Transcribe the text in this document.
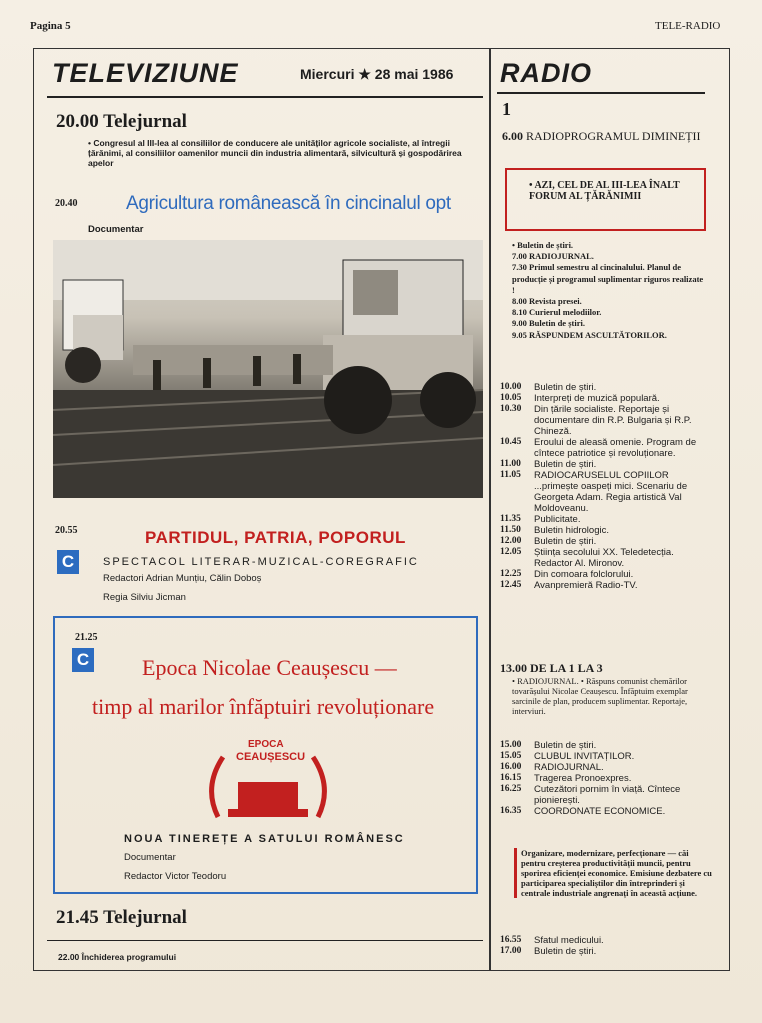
Pagina 5	TELE-RADIO
TELEVIZIUNE	Miercuri ★ 28 mai 1986
20.00 Telejurnal
• Congresul al III-lea al consiliilor de conducere ale unităților agricole socialiste, al întregii țărănimi, al consiliilor oamenilor muncii din industria alimentară, silvicultură și gospodărirea apelor
20.40	Agricultura românească în cincinalul opt
Documentar
20.55
C
PARTIDUL, PATRIA, POPORUL
SPECTACOL LITERAR-MUZICAL-COREGRAFIC
Redactori Adrian Munțiu, Călin Doboș
Regia Silviu Jicman
21.25
C Epoca Nicolae Ceaușescu —
timp al marilor înfăptuiri revoluționare
EPOCA
CEAUȘESCU
NOUA TINEREȚE A SATULUI ROMÂNESC
Documentar
Redactor Victor Teodoru
21.45 Telejurnal
22.00 Închiderea programului
RADIO
1
6.00 RADIOPROGRAMUL DIMINEȚII
• AZI, CEL DE AL III-LEA ÎNALT FORUM AL ȚĂRĂNIMII
• Buletin de știri.
7.00 RADIOJURNAL.
7.30 Primul semestru al cincinalului. Planul de producție și programul suplimentar riguros realizate !
8.00 Revista presei.
8.10 Curierul melodiilor.
9.00 Buletin de știri.
9.05 RĂSPUNDEM ASCULTĂTORILOR.
10.00	Buletin de știri.
10.05	Interpreți de muzică populară.
10.30	Din țările socialiste. Reportaje și documentare din R.P. Bulgaria și R.P. Chineză.
10.45	Eroului de aleasă omenie. Program de cîntece patriotice și revoluționare.
11.00	Buletin de știri.
11.05	RADIOCARUSELUL COPIILOR ...primește oaspeți mici. Scenariu de Georgeta Adam. Regia artistică Val Moldoveanu.
11.35	Publicitate.
11.50	Buletin hidrologic.
12.00	Buletin de știri.
12.05	Știința secolului XX. Teledetecția. Redactor Al. Mironov.
12.25	Din comoara folclorului.
12.45	Avanpremieră Radio-TV.
13.00 DE LA 1 LA 3
• RADIOJURNAL. • Răspuns comunist chemărilor tovarășului Nicolae Ceaușescu. Înfăptuim exemplar sarcinile de plan, producem suplimentar. Reportaje, interviuri.
15.00	Buletin de știri.
15.05	CLUBUL INVITAȚILOR.
16.00	RADIOJURNAL.
16.15	Tragerea Pronoexpres.
16.25	Cutezători pornim în viață. Cîntece pionierești.
16.35	COORDONATE ECONOMICE.
Organizare, modernizare, perfecționare — căi pentru creșterea productivității muncii, pentru sporirea eficienței economice. Emisiune dezbatere cu participarea specialiștilor din întreprinderi și centrale industriale angrenați în această acțiune.
16.55	Sfatul medicului.
17.00	Buletin de știri.
